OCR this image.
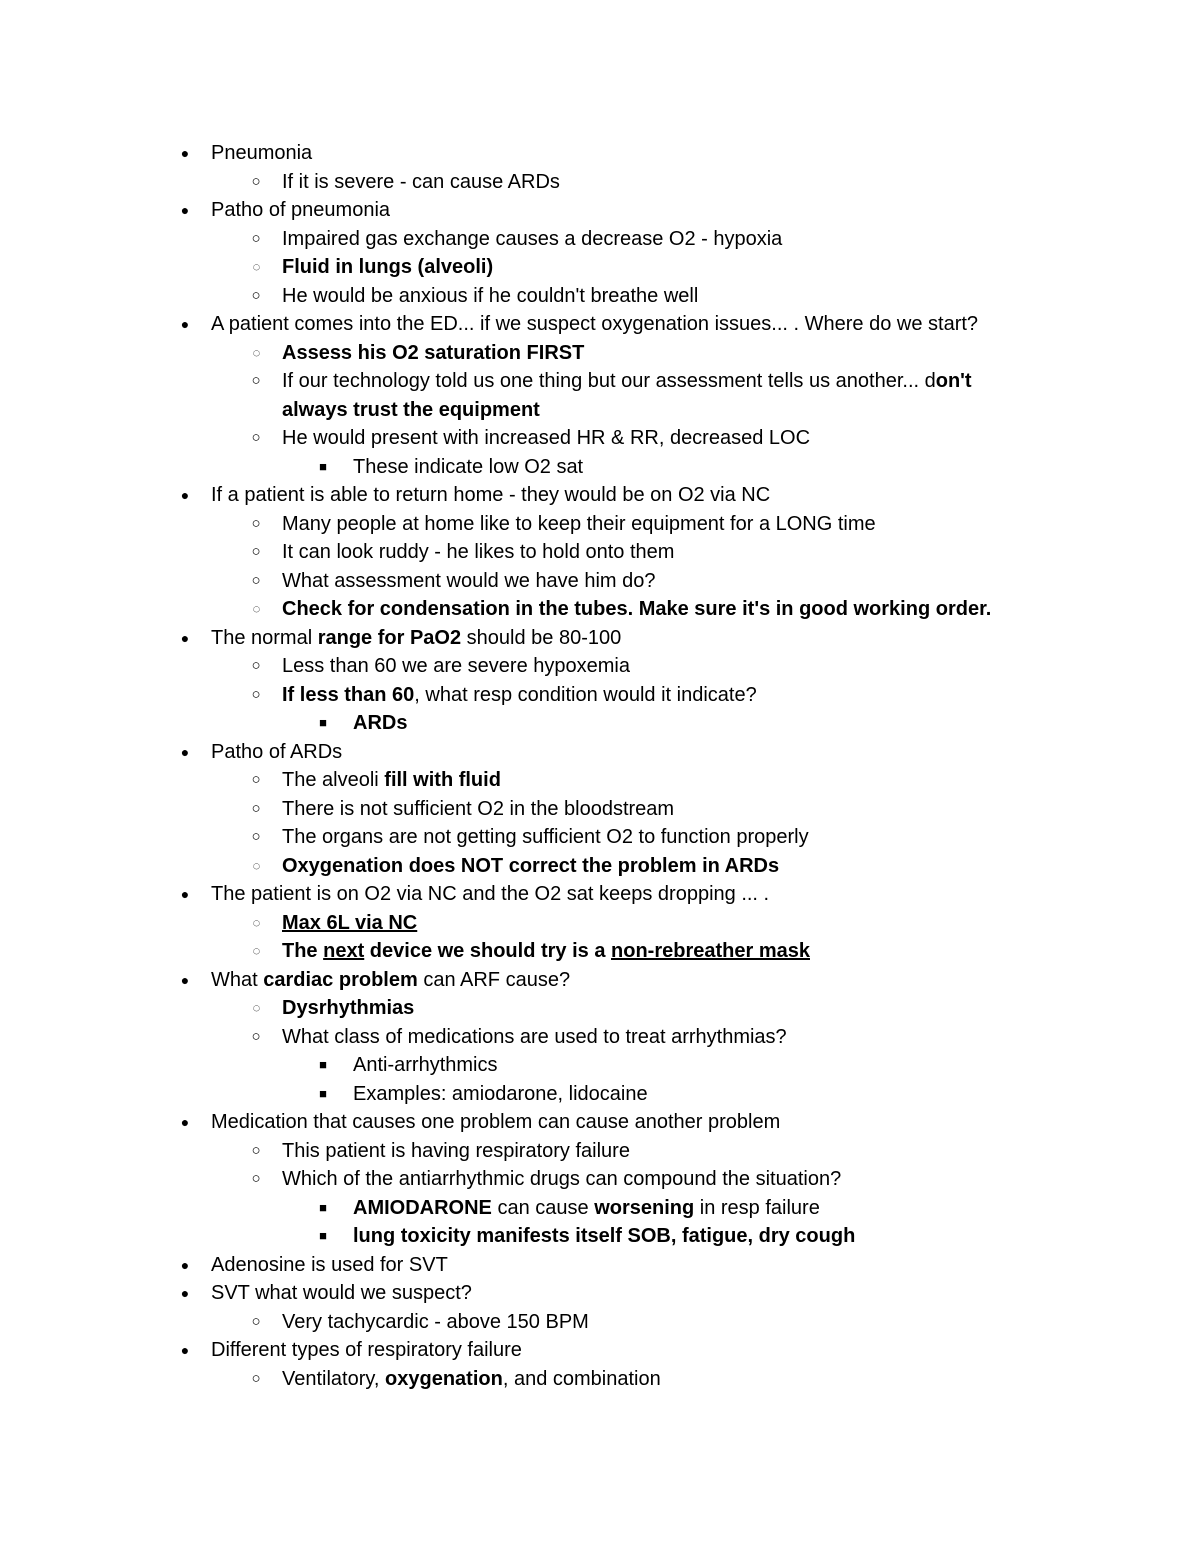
● Pneumonia
○ If it is severe - can cause ARDs
● Patho of pneumonia
○ Impaired gas exchange causes a decrease O2 - hypoxia
◌	Fluid in lungs (alveoli)
○ He would be anxious if he couldn't breathe well
● A patient comes into the ED... if we suspect oxygenation issues... . Where do we start?
◌	Assess his O2 saturation FIRST
○ If our technology told us one thing but our assessment tells us another... don't
always trust the equipment
○ He would present with increased HR & RR, decreased LOC
■	These indicate low O2 sat
● If a patient is able to return home - they would be on O2 via NC
○ Many people at home like to keep their equipment for a LONG time
○ It can look ruddy - he likes to hold onto them
○ What assessment would we have him do?
◌	Check for condensation in the tubes. Make sure it's in good working order.
● The normal range for PaO2 should be 80-100
○ Less than 60 we are severe hypoxemia
○ If less than 60, what resp condition would it indicate?
■	ARDs
● Patho of ARDs
○ The alveoli fill with fluid
○ There is not sufficient O2 in the bloodstream
○ The organs are not getting sufficient O2 to function properly
◌	Oxygenation does NOT correct the problem in ARDs
● The patient is on O2 via NC and the O2 sat keeps dropping ... .
◌	Max 6L via NC
◌	The next device we should try is a non-rebreather mask
● What cardiac problem can ARF cause?
◌	Dysrhythmias
○ What class of medications are used to treat arrhythmias?
■	Anti-arrhythmics
■	Examples: amiodarone, lidocaine
● Medication that causes one problem can cause another problem
○ This patient is having respiratory failure
○ Which of the antiarrhythmic drugs can compound the situation?
■	AMIODARONE can cause worsening in resp failure
■	lung toxicity manifests itself SOB, fatigue, dry cough
● Adenosine is used for SVT
● SVT what would we suspect?
○ Very tachycardic - above 150 BPM
● Different types of respiratory failure
○ Ventilatory, oxygenation, and combination
